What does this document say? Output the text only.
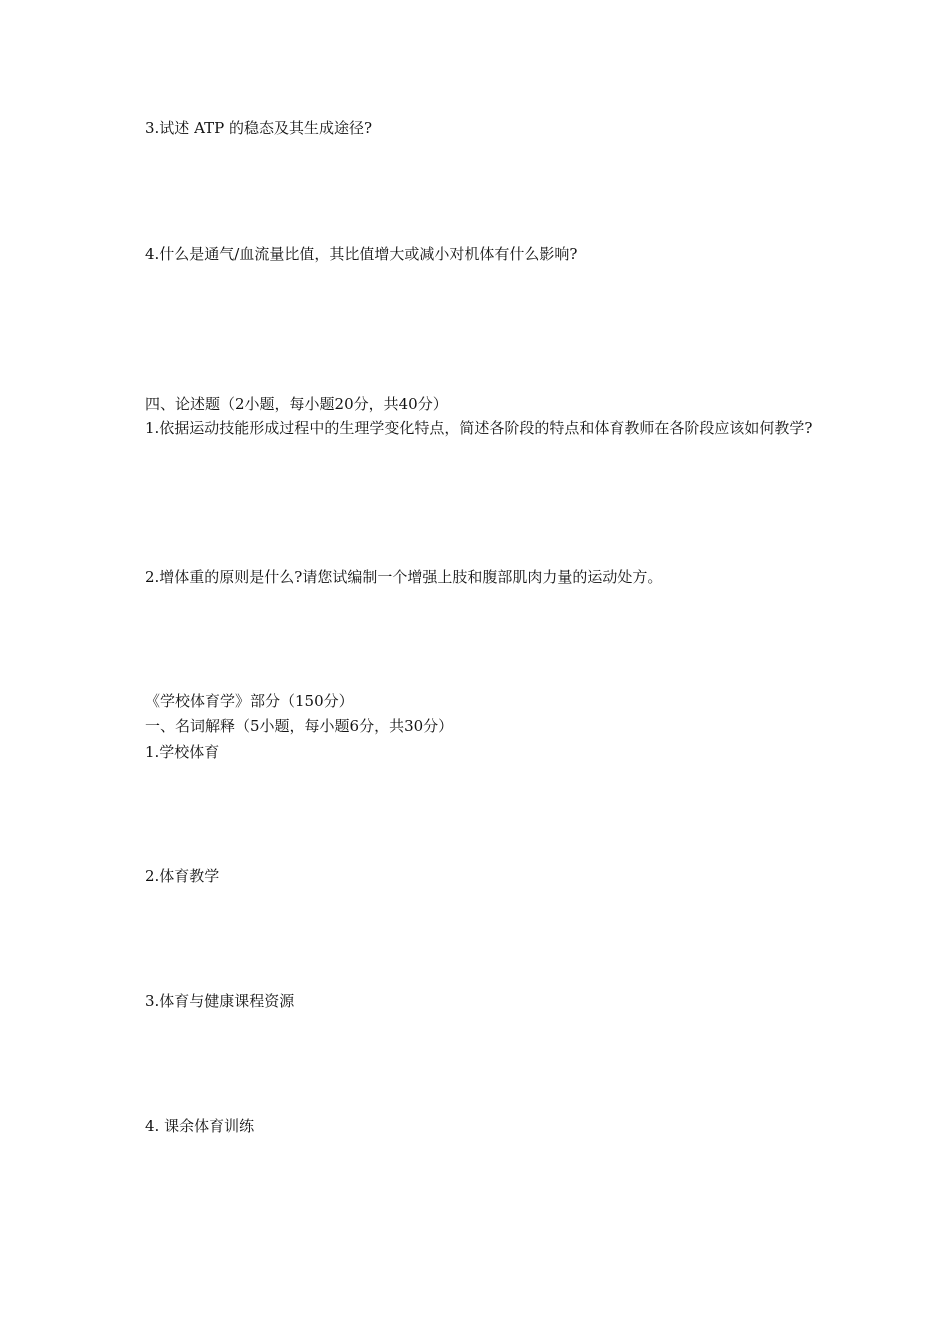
3.试述 ATP 的稳态及其生成途径?

4.什么是通气/血流量比值，其比值增大或减小对机体有什么影响?

四、论述题（2小题，每小题20分，共40分）

1.依据运动技能形成过程中的生理学变化特点，简述各阶段的特点和体育教师在各阶段应该如何教学?

2.增体重的原则是什么?请您试编制一个增强上肢和腹部肌肉力量的运动处方。

《学校体育学》部分（150分）

一、名词解释（5小题，每小题6分，共30分）

1.学校体育

2.体育教学

3.体育与健康课程资源

4. 课余体育训练
